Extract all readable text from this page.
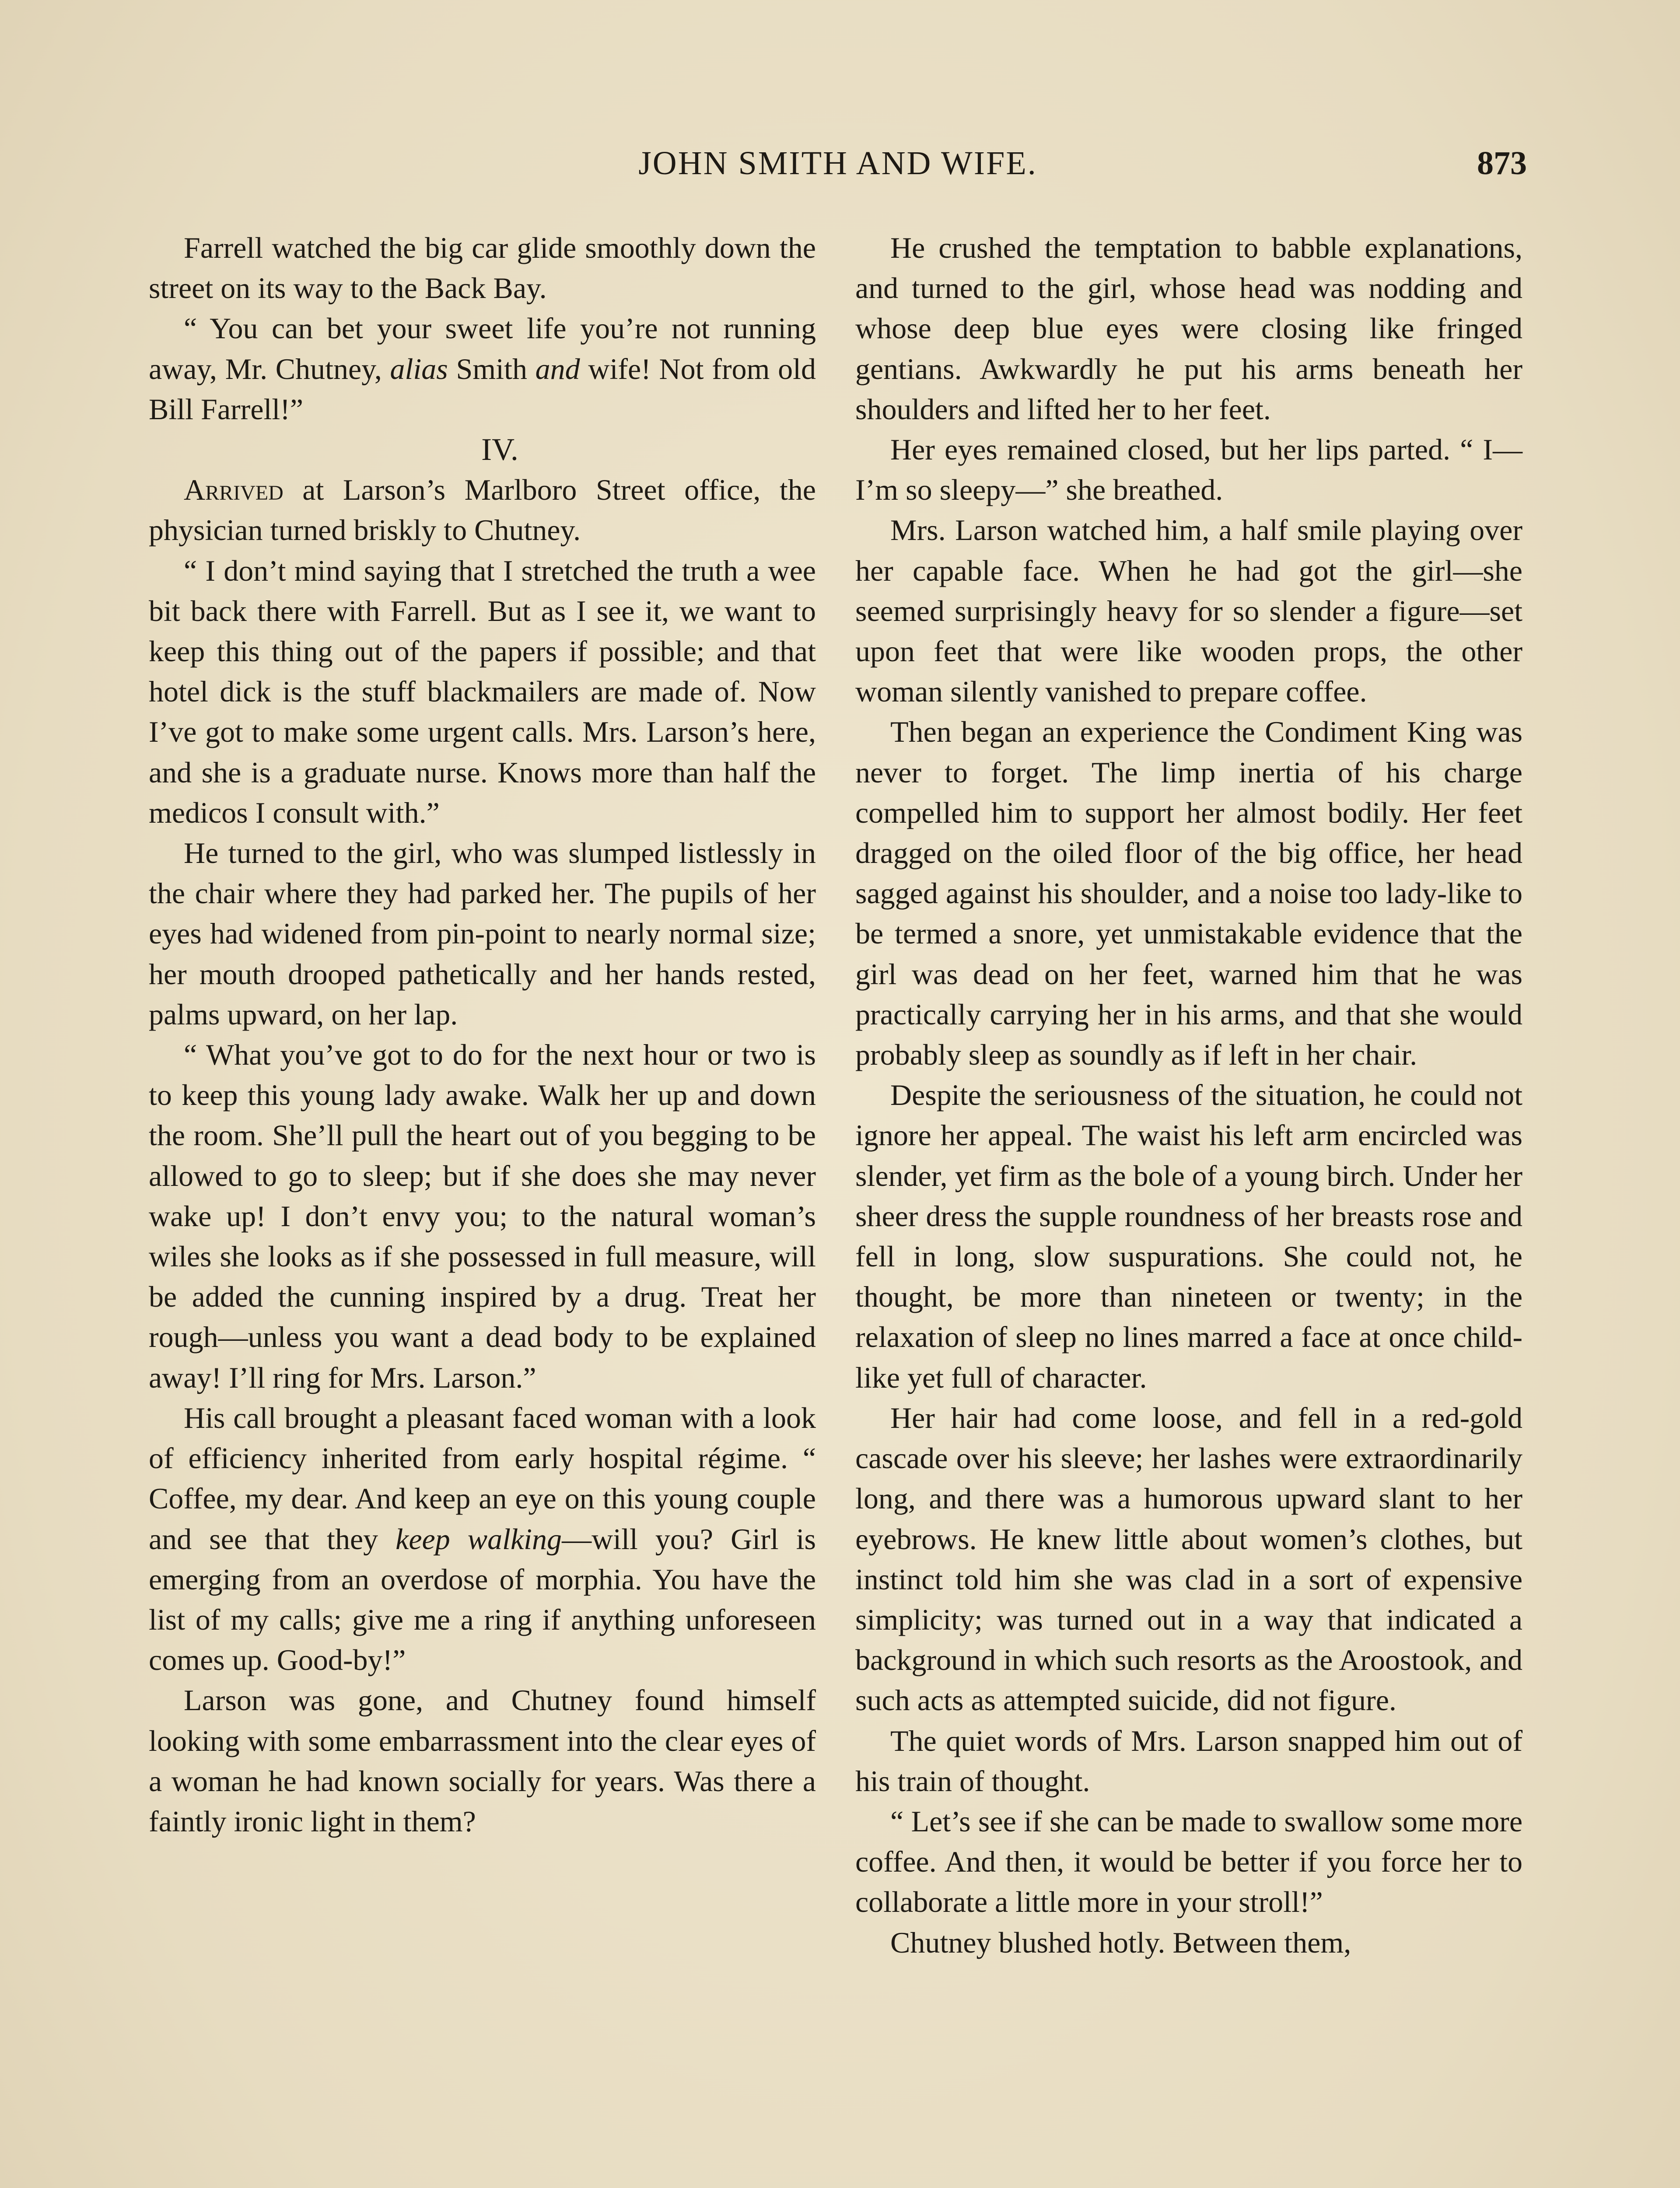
JOHN SMITH AND WIFE.	873

Farrell watched the big car glide smoothly down the street on its way to the Back Bay.

“ You can bet your sweet life you’re not running away, Mr. Chutney, alias Smith and wife! Not from old Bill Farrell!”

IV.

Arrived at Larson’s Marlboro Street office, the physician turned briskly to Chutney.

“ I don’t mind saying that I stretched the truth a wee bit back there with Farrell. But as I see it, we want to keep this thing out of the papers if possible; and that hotel dick is the stuff blackmailers are made of. Now I’ve got to make some urgent calls. Mrs. Larson’s here, and she is a graduate nurse. Knows more than half the medicos I consult with.”

He turned to the girl, who was slumped listlessly in the chair where they had parked her. The pupils of her eyes had widened from pin-point to nearly normal size; her mouth drooped pathetically and her hands rested, palms upward, on her lap.

“ What you’ve got to do for the next hour or two is to keep this young lady awake. Walk her up and down the room. She’ll pull the heart out of you begging to be allowed to go to sleep; but if she does she may never wake up! I don’t envy you; to the natural woman’s wiles she looks as if she possessed in full measure, will be added the cunning inspired by a drug. Treat her rough—unless you want a dead body to be explained away! I’ll ring for Mrs. Larson.”

His call brought a pleasant faced woman with a look of efficiency inherited from early hospital régime. “ Coffee, my dear. And keep an eye on this young couple and see that they keep walking—will you? Girl is emerging from an overdose of morphia. You have the list of my calls; give me a ring if anything unforeseen comes up. Good-by!”

Larson was gone, and Chutney found himself looking with some embarrassment into the clear eyes of a woman he had known socially for years. Was there a faintly ironic light in them?

He crushed the temptation to babble explanations, and turned to the girl, whose head was nodding and whose deep blue eyes were closing like fringed gentians. Awkwardly he put his arms beneath her shoulders and lifted her to her feet.

Her eyes remained closed, but her lips parted. “ I—I’m so sleepy—” she breathed.

Mrs. Larson watched him, a half smile playing over her capable face. When he had got the girl—she seemed surprisingly heavy for so slender a figure—set upon feet that were like wooden props, the other woman silently vanished to prepare coffee.

Then began an experience the Condiment King was never to forget. The limp inertia of his charge compelled him to support her almost bodily. Her feet dragged on the oiled floor of the big office, her head sagged against his shoulder, and a noise too lady-like to be termed a snore, yet unmistakable evidence that the girl was dead on her feet, warned him that he was practically carrying her in his arms, and that she would probably sleep as soundly as if left in her chair.

Despite the seriousness of the situation, he could not ignore her appeal. The waist his left arm encircled was slender, yet firm as the bole of a young birch. Under her sheer dress the supple roundness of her breasts rose and fell in long, slow suspurations. She could not, he thought, be more than nineteen or twenty; in the relaxation of sleep no lines marred a face at once child-like yet full of character.

Her hair had come loose, and fell in a red-gold cascade over his sleeve; her lashes were extraordinarily long, and there was a humorous upward slant to her eyebrows. He knew little about women’s clothes, but instinct told him she was clad in a sort of expensive simplicity; was turned out in a way that indicated a background in which such resorts as the Aroostook, and such acts as attempted suicide, did not figure.

The quiet words of Mrs. Larson snapped him out of his train of thought.

“ Let’s see if she can be made to swallow some more coffee. And then, it would be better if you force her to collaborate a little more in your stroll!”

Chutney blushed hotly. Between them,
